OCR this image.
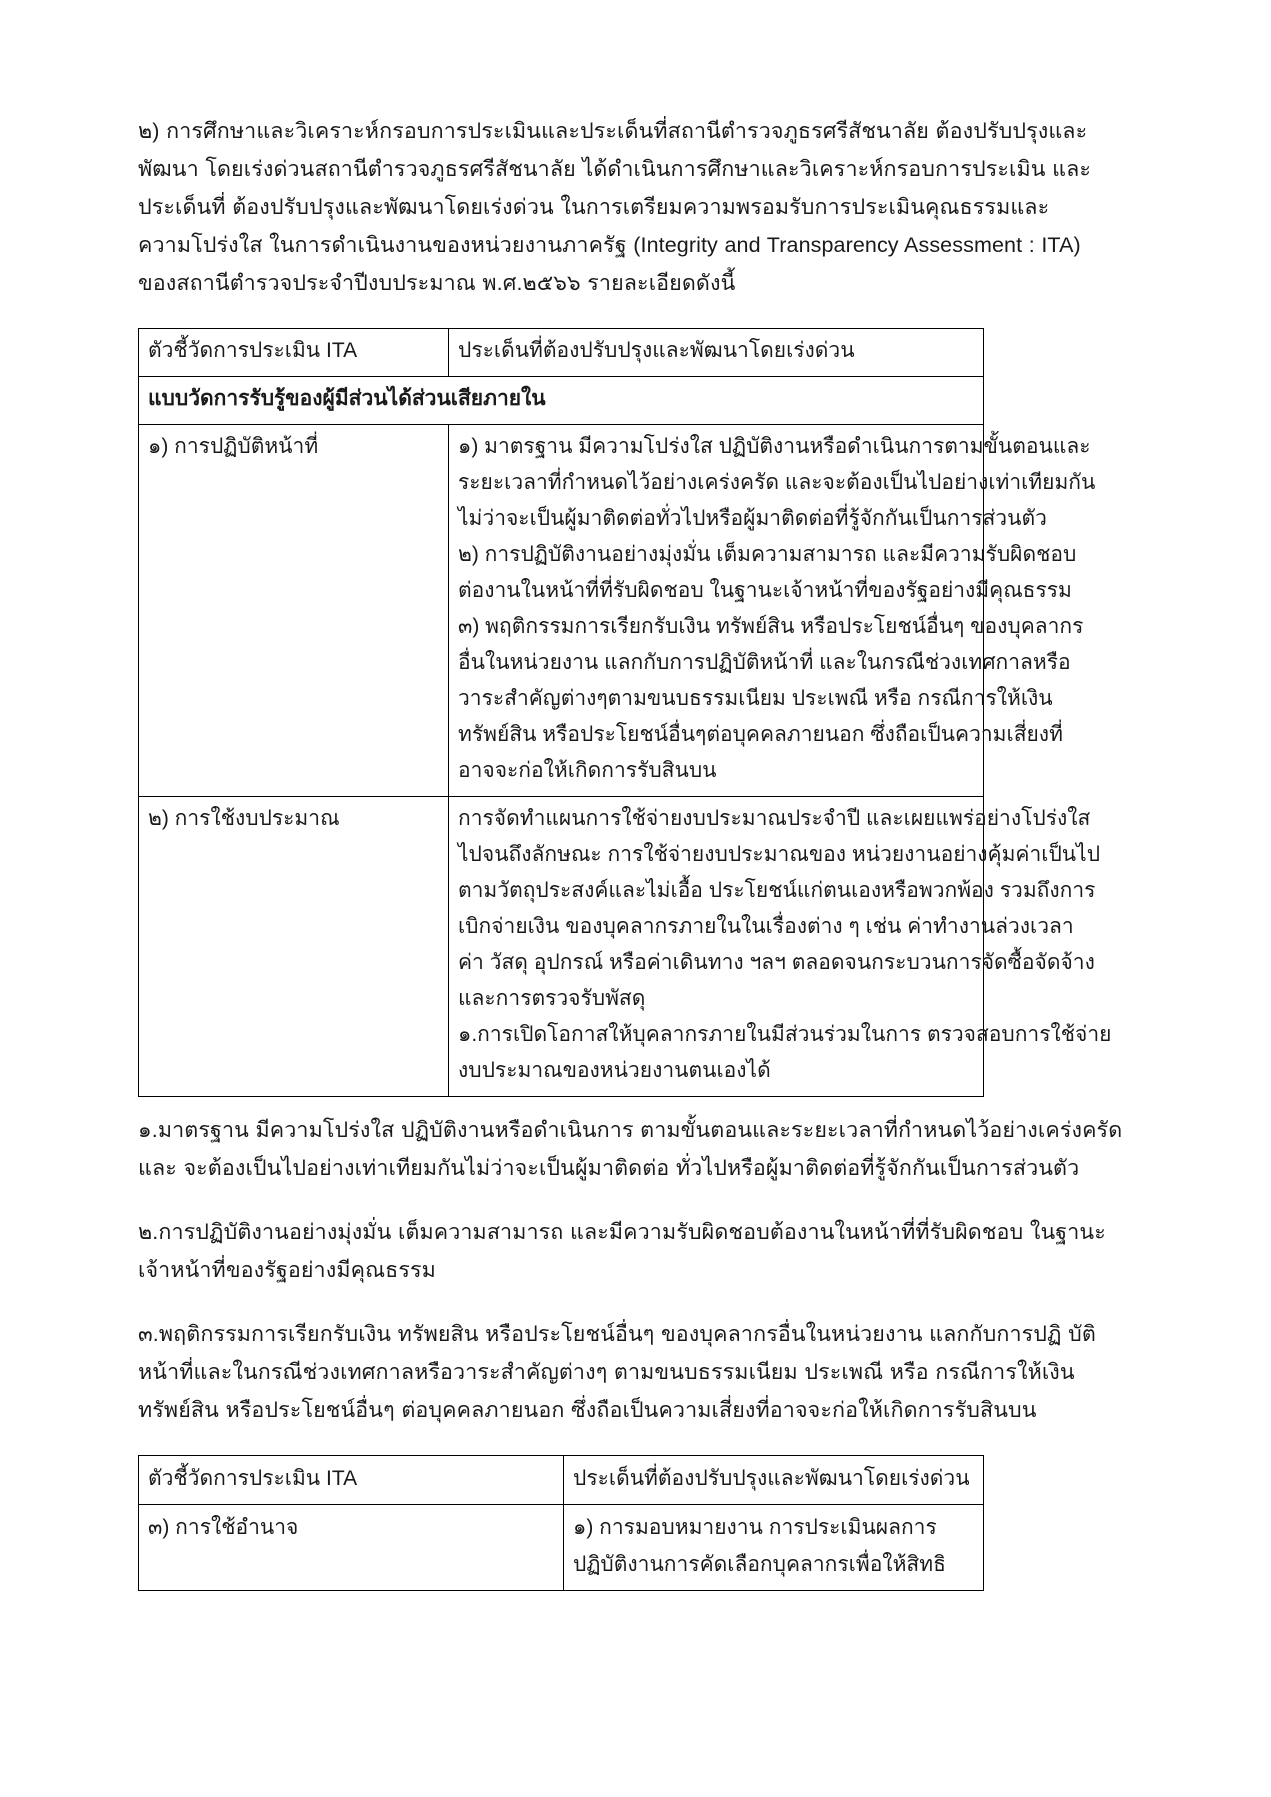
๒) การศึกษาและวิเคราะห์กรอบการประเมินและประเด็นที่สถานีตำรวจภูธรศรีสัชนาลัย ต้องปรับปรุงและ
พัฒนา โดยเร่งด่วนสถานีตำรวจภูธรศรีสัชนาลัย ได้ดำเนินการศึกษาและวิเคราะห์กรอบการประเมิน และ
ประเด็นที่ ต้องปรับปรุงและพัฒนาโดยเร่งด่วน ในการเตรียมความพรอมรับการประเมินคุณธรรมและ
ความโปร่งใส ในการดำเนินงานของหน่วยงานภาครัฐ (Integrity and Transparency Assessment : ITA)
ของสถานีตำรวจประจำปีงบประมาณ พ.ศ.๒๕๖๖ รายละเอียดดังนี้
ตัวชี้วัดการประเมิน ITA	ประเด็นที่ต้องปรับปรุงและพัฒนาโดยเร่งด่วน
แบบวัดการรับรู้ของผู้มีส่วนได้ส่วนเสียภายใน	
๑) การปฏิบัติหน้าที่	๑) มาตรฐาน มีความโปร่งใส ปฏิบัติงานหรือดำเนินการตามขั้นตอนและ
ระยะเวลาที่กำหนดไว้อย่างเคร่งครัด และจะต้องเป็นไปอย่างเท่าเทียมกัน
ไม่ว่าจะเป็นผู้มาติดต่อทั่วไปหรือผู้มาติดต่อที่รู้จักกันเป็นการส่วนตัว
๒) การปฏิบัติงานอย่างมุ่งมั่น เต็มความสามารถ และมีความรับผิดชอบ
ต่องานในหน้าที่ที่รับผิดชอบ ในฐานะเจ้าหน้าที่ของรัฐอย่างมีคุณธรรม
๓) พฤติกรรมการเรียกรับเงิน ทรัพย์สิน หรือประโยชน์อื่นๆ ของบุคลากร
อื่นในหน่วยงาน แลกกับการปฏิบัติหน้าที่ และในกรณีช่วงเทศกาลหรือ
วาระสำคัญต่างๆตามขนบธรรมเนียม ประเพณี หรือ กรณีการให้เงิน
ทรัพย์สิน หรือประโยชน์อื่นๆต่อบุคคลภายนอก ซึ่งถือเป็นความเสี่ยงที่
อาจจะก่อให้เกิดการรับสินบน

๒) การใช้งบประมาณ	การจัดทำแผนการใช้จ่ายงบประมาณประจำปี และเผยแพร่อย่างโปร่งใส
ไปจนถึงลักษณะ การใช้จ่ายงบประมาณของ หน่วยงานอย่างคุ้มค่าเป็นไป
ตามวัตถุประสงค์และไม่เอื้อ ประโยชน์แก่ตนเองหรือพวกพ้อง รวมถึงการ
เบิกจ่ายเงิน ของบุคลากรภายในในเรื่องต่าง ๆ เช่น ค่าทำงานล่วงเวลา
ค่า วัสดุ อุปกรณ์ หรือค่าเดินทาง ฯลฯ ตลอดจนกระบวนการจัดซื้อจัดจ้าง
และการตรวจรับพัสดุ
๑.การเปิดโอกาสให้บุคลากรภายในมีส่วนร่วมในการ ตรวจสอบการใช้จ่าย
งบประมาณของหน่วยงานตนเองได้
๑.มาตรฐาน มีความโปร่งใส ปฏิบัติงานหรือดำเนินการ ตามขั้นตอนและระยะเวลาที่กำหนดไว้อย่างเคร่งครัด
และ จะต้องเป็นไปอย่างเท่าเทียมกันไม่ว่าจะเป็นผู้มาติดต่อ ทั่วไปหรือผู้มาติดต่อที่รู้จักกันเป็นการส่วนตัว
๒.การปฏิบัติงานอย่างมุ่งมั่น เต็มความสามารถ และมีความรับผิดชอบต้องานในหน้าที่ที่รับผิดชอบ ในฐานะ
เจ้าหน้าที่ของรัฐอย่างมีคุณธรรม
๓.พฤติกรรมการเรียกรับเงิน ทรัพยสิน หรือประโยชน์อื่นๆ ของบุคลากรอื่นในหน่วยงาน แลกกับการปฏิ บัติ
หน้าที่และในกรณีช่วงเทศกาลหรือวาระสำคัญต่างๆ ตามขนบธรรมเนียม ประเพณี หรือ กรณีการให้เงิน
ทรัพย์สิน หรือประโยชน์อื่นๆ ต่อบุคคลภายนอก ซึ่งถือเป็นความเสี่ยงที่อาจจะก่อให้เกิดการรับสินบน
ตัวชี้วัดการประเมิน ITA	ประเด็นที่ต้องปรับปรุงและพัฒนาโดยเร่งด่วน
๓) การใช้อำนาจ	๑) การมอบหมายงาน การประเมินผลการ
ปฏิบัติงานการคัดเลือกบุคลากรเพื่อให้สิทธิ
